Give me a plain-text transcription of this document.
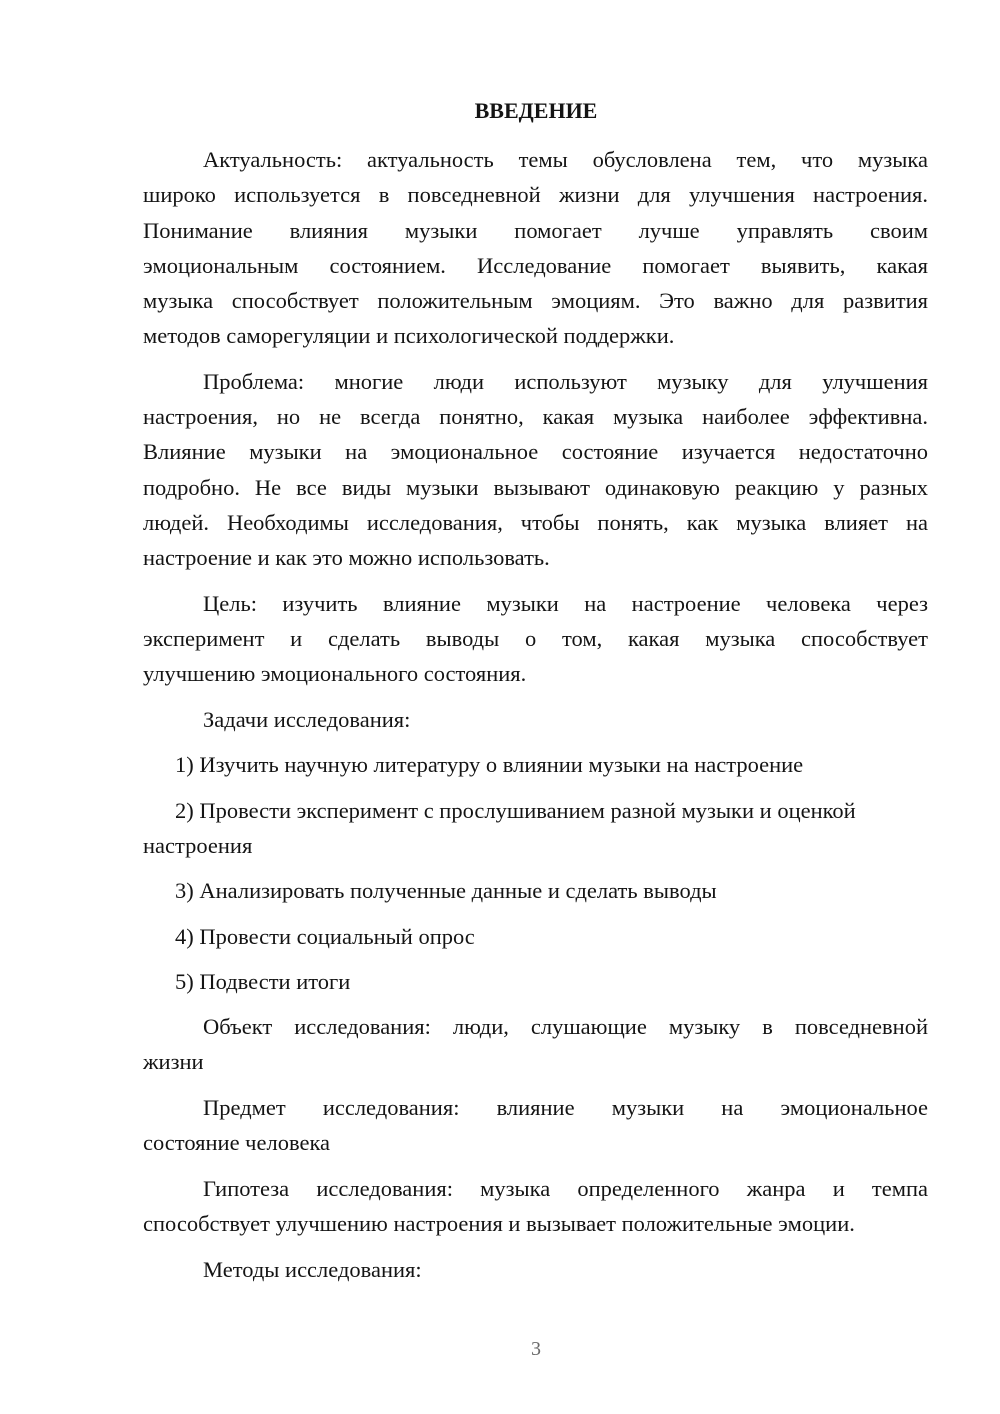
ВВЕДЕНИЕ
Актуальность: актуальность темы обусловлена тем, что музыка
широко используется в повседневной жизни для улучшения настроения.
Понимание влияния музыки помогает лучше управлять своим
эмоциональным состоянием. Исследование помогает выявить, какая
музыка способствует положительным эмоциям. Это важно для развития
методов саморегуляции и психологической поддержки.
Проблема: многие люди используют музыку для улучшения
настроения, но не всегда понятно, какая музыка наиболее эффективна.
Влияние музыки на эмоциональное состояние изучается недостаточно
подробно. Не все виды музыки вызывают одинаковую реакцию у разных
людей. Необходимы исследования, чтобы понять, как музыка влияет на
настроение и как это можно использовать.
Цель: изучить влияние музыки на настроение человека через
эксперимент и сделать выводы о том, какая музыка способствует
улучшению эмоционального состояния.
Задачи исследования:
1) Изучить научную литературу о влиянии музыки на настроение
2) Провести эксперимент с прослушиванием разной музыки и оценкой
настроения
3) Анализировать полученные данные и сделать выводы
4) Провести социальный опрос
5) Подвести итоги
Объект исследования: люди, слушающие музыку в повседневной
жизни
Предмет исследования: влияние музыки на эмоциональное
состояние человека
Гипотеза исследования: музыка определенного жанра и темпа
способствует улучшению настроения и вызывает положительные эмоции.
Методы исследования:
3
